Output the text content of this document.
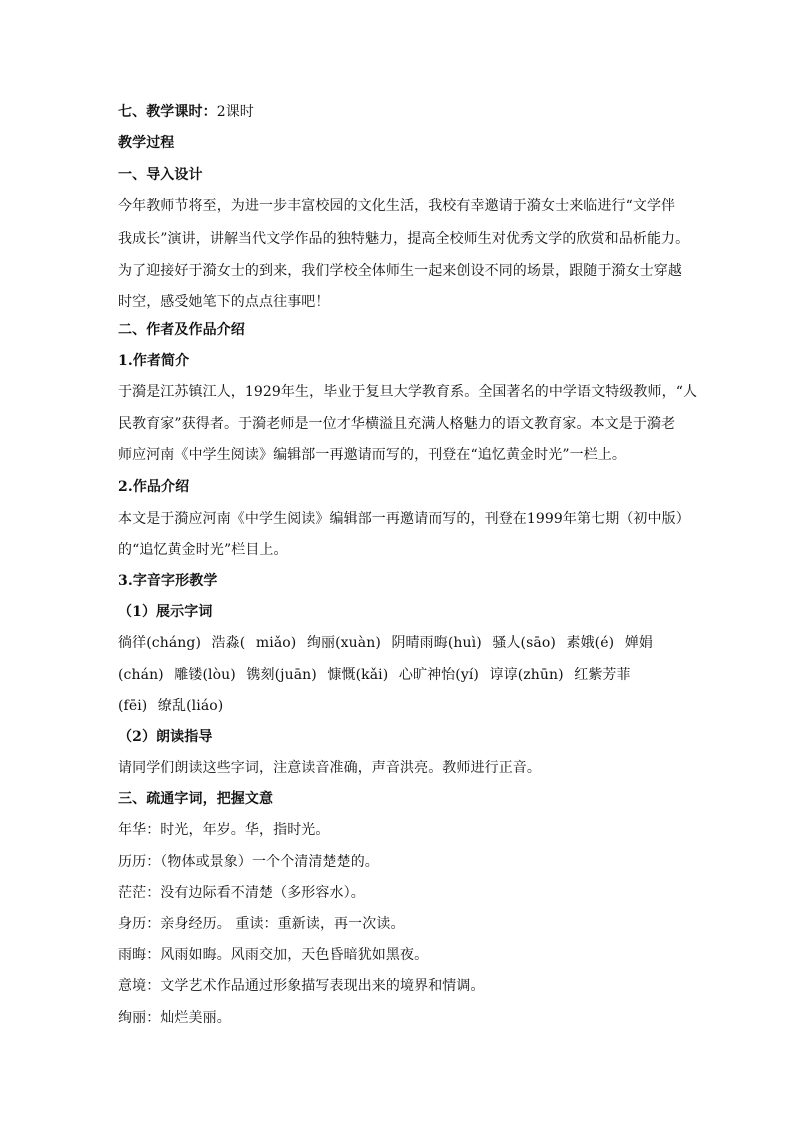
七、教学课时：2课时
教学过程
一、导入设计
今年教师节将至，为进一步丰富校园的文化生活，我校有幸邀请于漪女士来临进行“文学伴
我成长”演讲，讲解当代文学作品的独特魅力，提高全校师生对优秀文学的欣赏和品析能力。
为了迎接好于漪女士的到来，我们学校全体师生一起来创设不同的场景，跟随于漪女士穿越
时空，感受她笔下的点点往事吧！
二、作者及作品介绍
1.作者简介
于漪是江苏镇江人，1929年生，毕业于复旦大学教育系。全国著名的中学语文特级教师，“人
民教育家”获得者。于漪老师是一位才华横溢且充满人格魅力的语文教育家。本文是于漪老
师应河南《中学生阅读》编辑部一再邀请而写的，刊登在“追忆黄金时光”一栏上。
2.作品介绍
本文是于漪应河南《中学生阅读》编辑部一再邀请而写的，刊登在1999年第七期（初中版）
的“追忆黄金时光”栏目上。
3.字音字形教学
（1）展示字词
徜徉(cháng) 浩淼( miǎo) 绚丽(xuàn) 阴晴雨晦(huì) 骚人(sāo) 素娥(é) 婵娟
(chán) 雕镂(lòu) 镌刻(juān) 慷慨(kǎi) 心旷神怡(yí) 谆谆(zhūn) 红紫芳菲
(fēi) 缭乱(liáo)
（2）朗读指导
请同学们朗读这些字词，注意读音准确，声音洪亮。教师进行正音。
三、疏通字词，把握文意
年华：时光，年岁。华，指时光。
历历：（物体或景象）一个个清清楚楚的。
茫茫：没有边际看不清楚（多形容水）。
身历：亲身经历。 重读：重新读，再一次读。
雨晦：风雨如晦。风雨交加，天色昏暗犹如黑夜。
意境：文学艺术作品通过形象描写表现出来的境界和情调。
绚丽：灿烂美丽。
